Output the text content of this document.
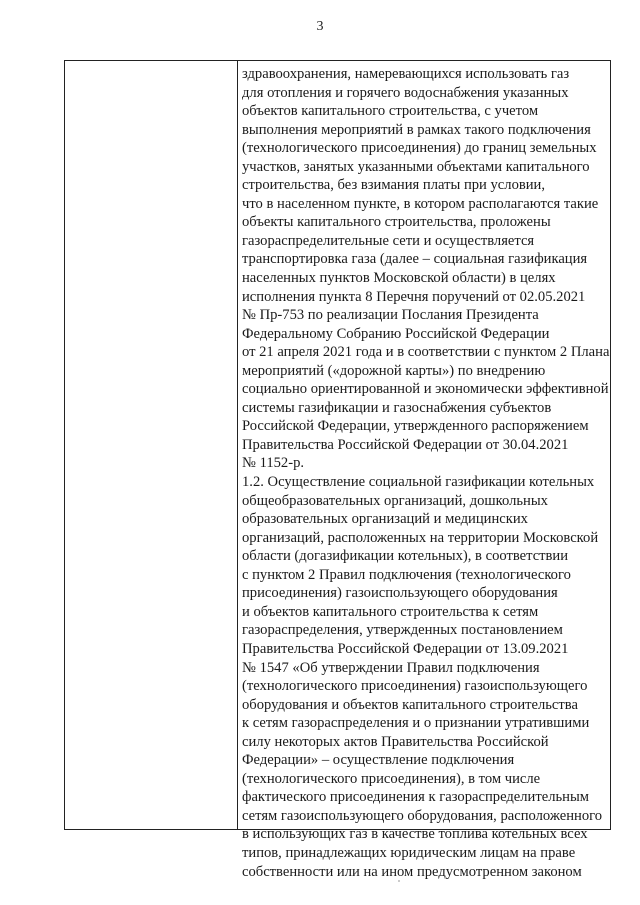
3
здравоохранения, намеревающихся использовать газ
для отопления и горячего водоснабжения указанных
объектов капитального строительства, с учетом
выполнения мероприятий в рамках такого подключения
(технологического присоединения) до границ земельных
участков, занятых указанными объектами капитального
строительства, без взимания платы при условии,
что в населенном пункте, в котором располагаются такие
объекты капитального строительства, проложены
газораспределительные сети и осуществляется
транспортировка газа (далее – социальная газификация
населенных пунктов Московской области) в целях
исполнения пункта 8 Перечня поручений от 02.05.2021
№ Пр-753 по реализации Послания Президента
Федеральному Собранию Российской Федерации
от 21 апреля 2021 года и в соответствии с пунктом 2 Плана
мероприятий («дорожной карты») по внедрению
социально ориентированной и экономически эффективной
системы газификации и газоснабжения субъектов
Российской Федерации, утвержденного распоряжением
Правительства Российской Федерации от 30.04.2021
№ 1152-р.
1.2. Осуществление социальной газификации котельных
общеобразовательных организаций, дошкольных
образовательных организаций и медицинских
организаций, расположенных на территории Московской
области (догазификации котельных), в соответствии
с пунктом 2 Правил подключения (технологического
присоединения) газоиспользующего оборудования
и объектов капитального строительства к сетям
газораспределения, утвержденных постановлением
Правительства Российской Федерации от 13.09.2021
№ 1547 «Об утверждении Правил подключения
(технологического присоединения) газоиспользующего
оборудования и объектов капитального строительства
к сетям газораспределения и о признании утратившими
силу некоторых актов Правительства Российской
Федерации» – осуществление подключения
(технологического присоединения), в том числе
фактического присоединения к газораспределительным
сетям газоиспользующего оборудования, расположенного
в использующих газ в качестве топлива котельных всех
типов, принадлежащих юридическим лицам на праве
собственности или на ином предусмотренном законом
